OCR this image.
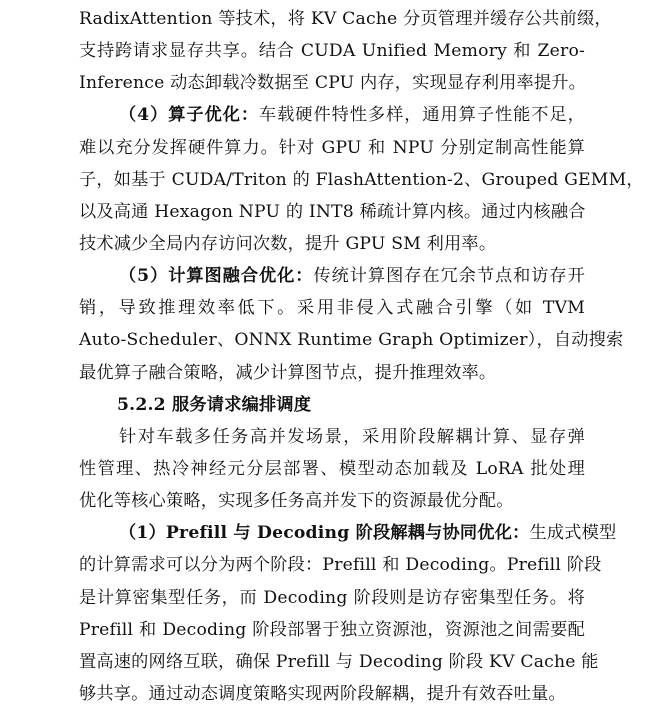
RadixAttention 等技术，将 KV Cache 分页管理并缓存公共前缀，
支持跨请求显存共享。结合 CUDA Unified Memory 和 Zero-
Inference 动态卸载冷数据至 CPU 内存，实现显存利用率提升。
（4）算子优化：车载硬件特性多样，通用算子性能不足，
难以充分发挥硬件算力。针对 GPU 和 NPU 分别定制高性能算
子，如基于 CUDA/Triton 的 FlashAttention-2、Grouped GEMM，
以及高通 Hexagon NPU 的 INT8 稀疏计算内核。通过内核融合
技术减少全局内存访问次数，提升 GPU SM 利用率。
（5）计算图融合优化：传统计算图存在冗余节点和访存开
销，导致推理效率低下。采用非侵入式融合引擎（如 TVM
Auto-Scheduler、ONNX Runtime Graph Optimizer），自动搜索
最优算子融合策略，减少计算图节点，提升推理效率。
5.2.2 服务请求编排调度
针对车载多任务高并发场景，采用阶段解耦计算、显存弹
性管理、热冷神经元分层部署、模型动态加载及 LoRA 批处理
优化等核心策略，实现多任务高并发下的资源最优分配。
（1）Prefill 与 Decoding 阶段解耦与协同优化：生成式模型
的计算需求可以分为两个阶段：Prefill 和 Decoding。Prefill 阶段
是计算密集型任务，而 Decoding 阶段则是访存密集型任务。将
Prefill 和 Decoding 阶段部署于独立资源池，资源池之间需要配
置高速的网络互联，确保 Prefill 与 Decoding 阶段 KV Cache 能
够共享。通过动态调度策略实现两阶段解耦，提升有效吞吐量。
